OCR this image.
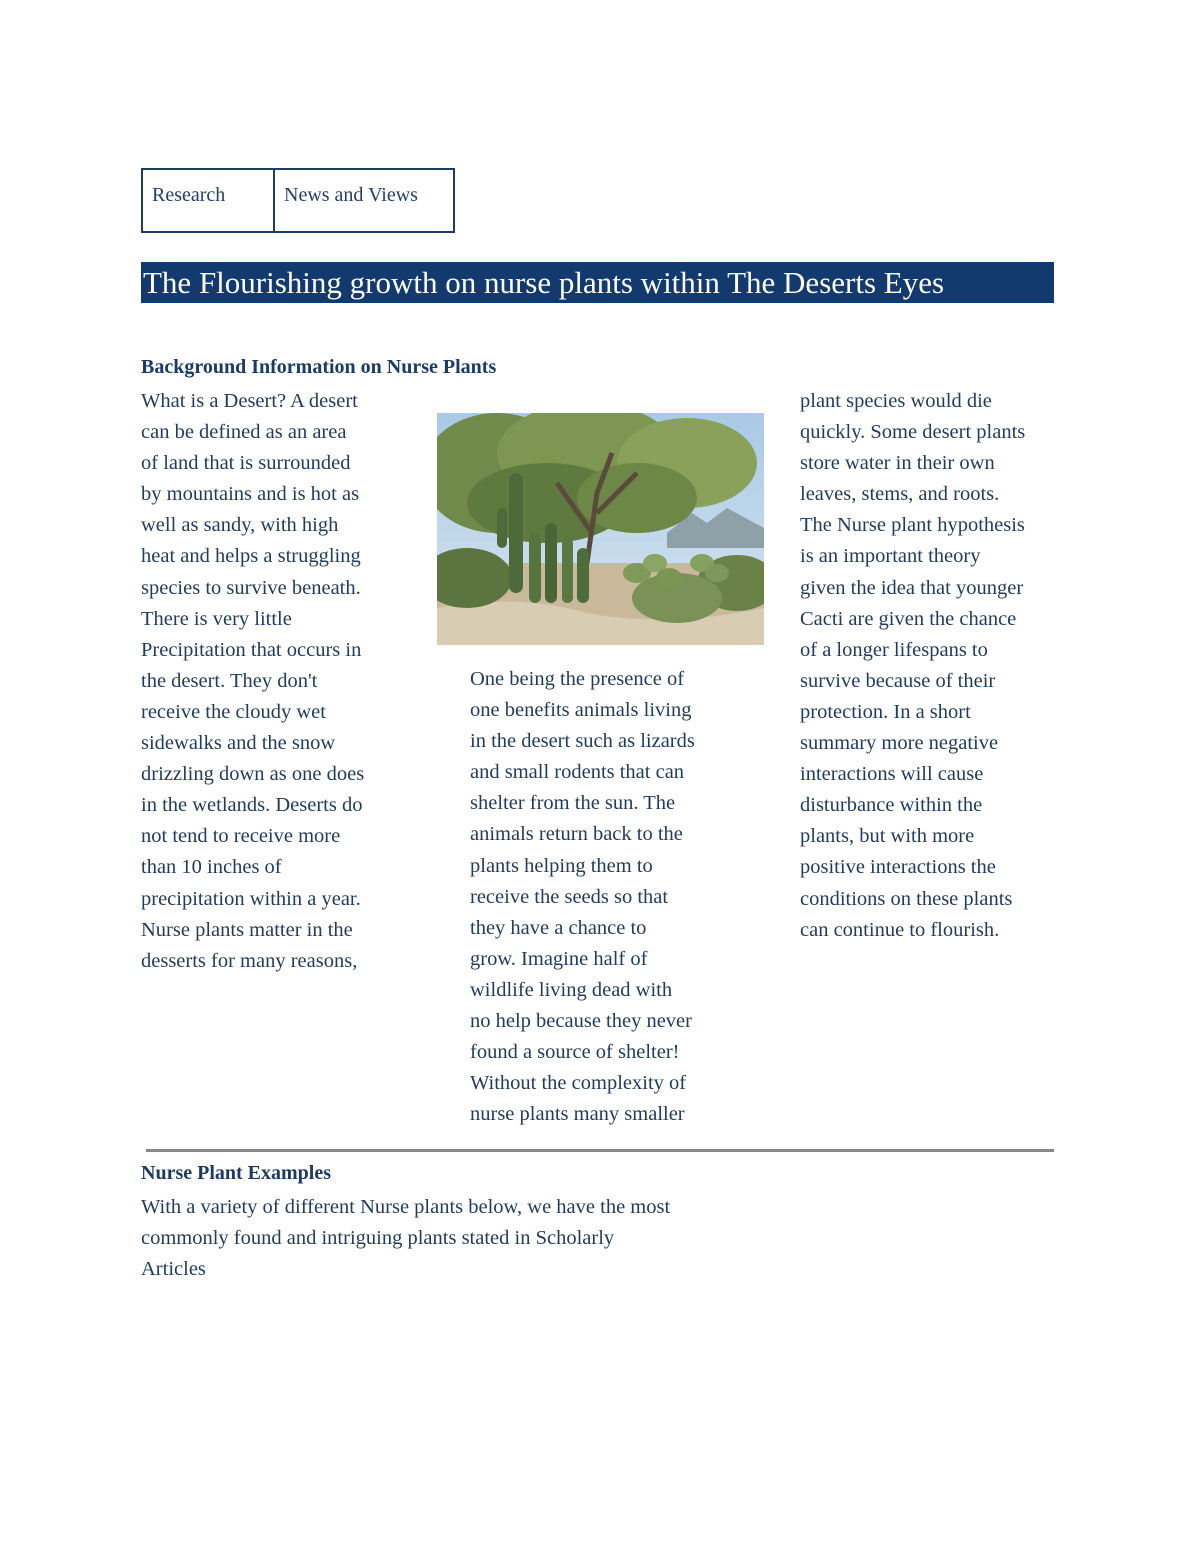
Research	News and Views
The Flourishing growth on nurse plants within The Deserts Eyes
Background Information on Nurse Plants
What is a Desert? A desert
can be defined as an area
of land that is surrounded
by mountains and is hot as
well as sandy, with high
heat and helps a struggling
species to survive beneath.
There is very little
Precipitation that occurs in
the desert. They don't
receive the cloudy wet
sidewalks and the snow
drizzling down as one does
in the wetlands. Deserts do
not tend to receive more
than 10 inches of
precipitation within a year.
Nurse plants matter in the
desserts for many reasons,
One being the presence of
one benefits animals living
in the desert such as lizards
and small rodents that can
shelter from the sun. The
animals return back to the
plants helping them to
receive the seeds so that
they have a chance to
grow. Imagine half of
wildlife living dead with
no help because they never
found a source of shelter!
Without the complexity of
nurse plants many smaller
plant species would die
quickly. Some desert plants
store water in their own
leaves, stems, and roots.
The Nurse plant hypothesis
is an important theory
given the idea that younger
Cacti are given the chance
of a longer lifespans to
survive because of their
protection. In a short
summary more negative
interactions will cause
disturbance within the
plants, but with more
positive interactions the
conditions on these plants
can continue to flourish.
Nurse Plant Examples
With a variety of different Nurse plants below, we have the most
commonly found and intriguing plants stated in Scholarly
Articles
